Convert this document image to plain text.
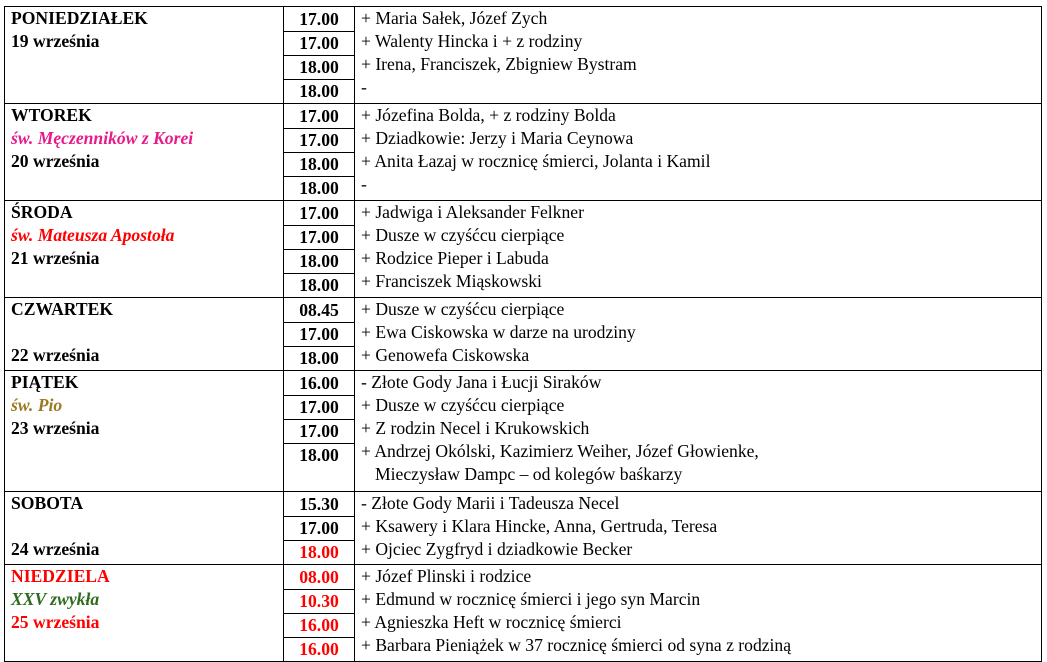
PONIEDZIAŁEK
19 września
17.00
17.00
18.00
18.00
+ Maria Sałek, Józef Zych
+ Walenty Hincka i + z rodziny
+ Irena, Franciszek, Zbigniew Bystram
-
WTOREK
św. Męczenników z Korei
20 września
17.00
17.00
18.00
18.00
+ Józefina Bolda, + z rodziny Bolda
+ Dziadkowie: Jerzy i Maria Ceynowa
+ Anita Łazaj w rocznicę śmierci, Jolanta i Kamil
-
ŚRODA
św. Mateusza Apostoła
21 września
17.00
17.00
18.00
18.00
+ Jadwiga i Aleksander Felkner
+ Dusze w czyśćcu cierpiące
+ Rodzice Pieper i Labuda
+ Franciszek Miąskowski
CZWARTEK
22 września
08.45
17.00
18.00
+ Dusze w czyśćcu cierpiące
+ Ewa Ciskowska w darze na urodziny
+ Genowefa Ciskowska
PIĄTEK
św. Pio
23 września
16.00
17.00
17.00
18.00
- Złote Gody Jana i Łucji Siraków
+ Dusze w czyśćcu cierpiące
+ Z rodzin Necel i Krukowskich
+ Andrzej Okólski, Kazimierz Weiher, Józef Głowienke,
Mieczysław Dampc – od kolegów baśkarzy
SOBOTA
24 września
15.30
17.00
18.00
- Złote Gody Marii i Tadeusza Necel
+ Ksawery i Klara Hincke, Anna, Gertruda, Teresa
+ Ojciec Zygfryd i dziadkowie Becker
NIEDZIELA
XXV zwykła
25 września
08.00
10.30
16.00
16.00
+ Józef Plinski i rodzice
+ Edmund w rocznicę śmierci i jego syn Marcin
+ Agnieszka Heft w rocznicę śmierci
+ Barbara Pieniążek w 37 rocznicę śmierci od syna z rodziną
